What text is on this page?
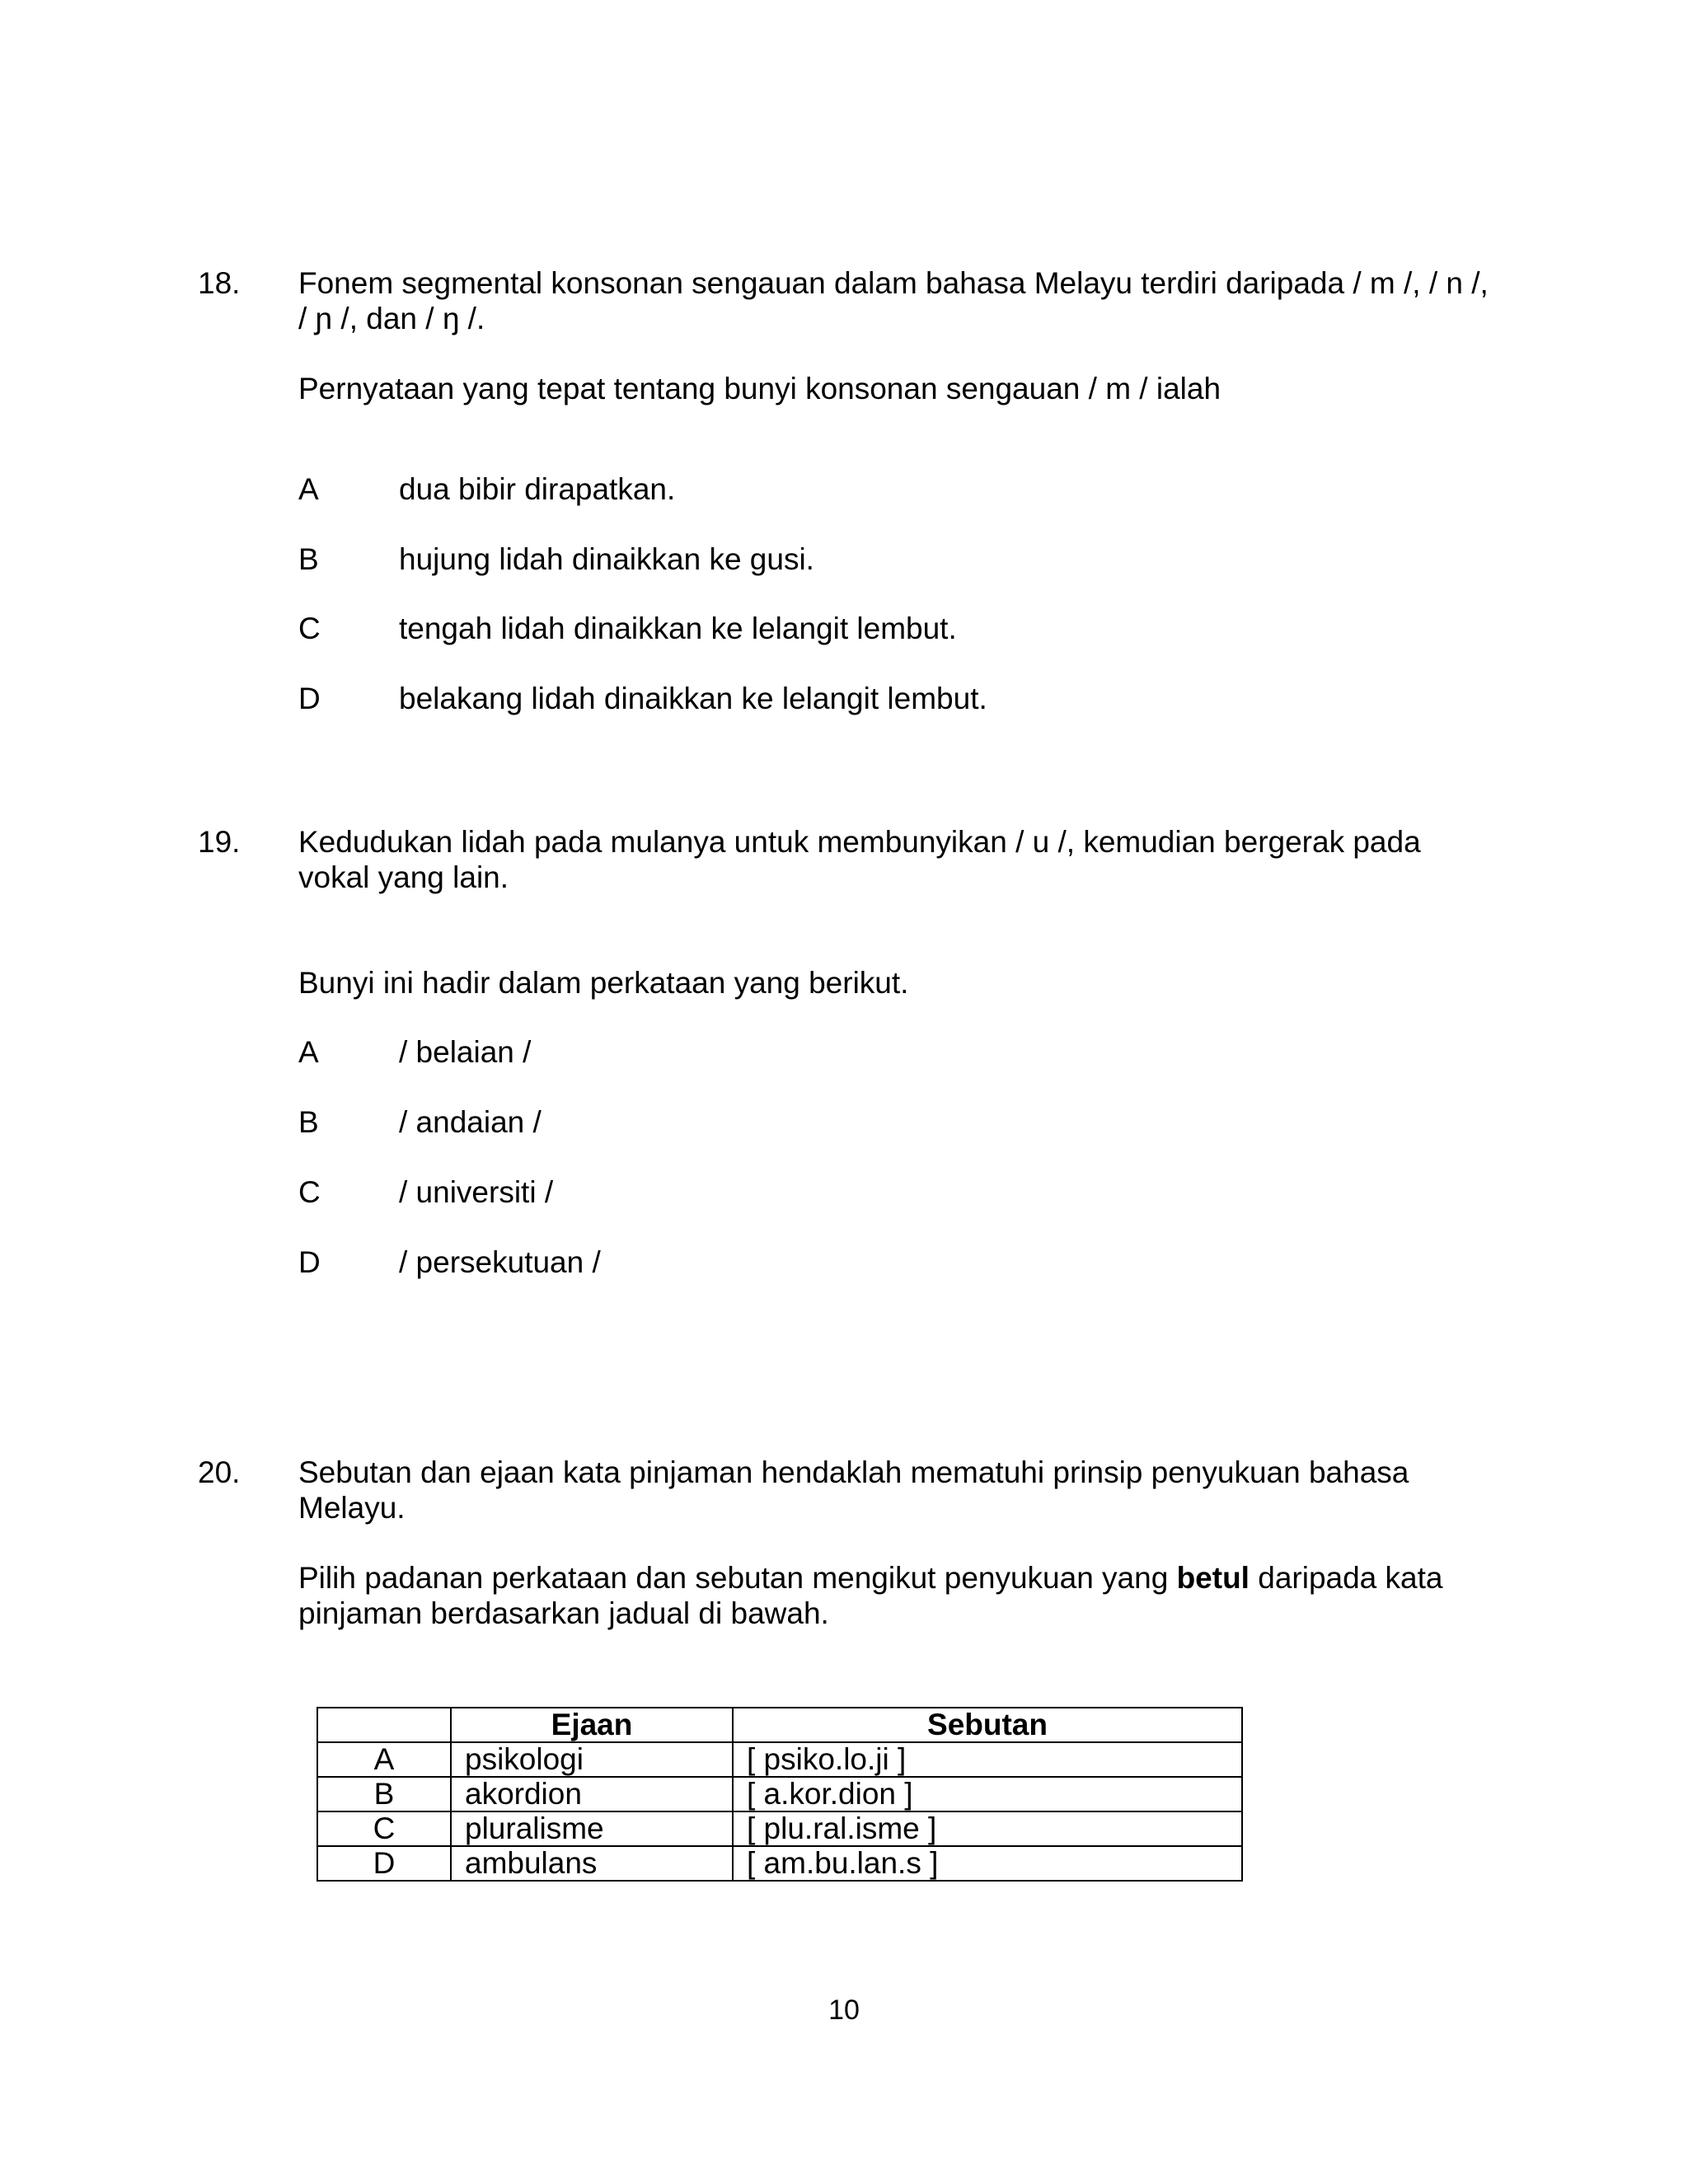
18. Fonem segmental konsonan sengauan dalam bahasa Melayu terdiri daripada / m /, / n /,

/ ɲ /, dan / ŋ /.

Pernyataan yang tepat tentang bunyi konsonan sengauan / m / ialah

A	dua bibir dirapatkan.
B	hujung lidah dinaikkan ke gusi.
C	tengah lidah dinaikkan ke lelangit lembut.
D	belakang lidah dinaikkan ke lelangit lembut.
19. Kedudukan lidah pada mulanya untuk membunyikan / u /, kemudian bergerak pada

vokal yang lain.

Bunyi ini hadir dalam perkataan yang berikut.

A	/ belaian /
B	/ andaian /
C	/ universiti /
D	/ persekutuan /
20. Sebutan dan ejaan kata pinjaman hendaklah mematuhi prinsip penyukuan bahasa

Melayu.

Pilih padanan perkataan dan sebutan mengikut penyukuan yang betul daripada kata

pinjaman berdasarkan jadual di bawah.

	Ejaan	Sebutan
A	psikologi	[ psiko.lo.ji ]
B	akordion	[ a.kor.dion ]
C	pluralisme	[ plu.ral.isme ]
D	ambulans	[ am.bu.lan.s ]
10
